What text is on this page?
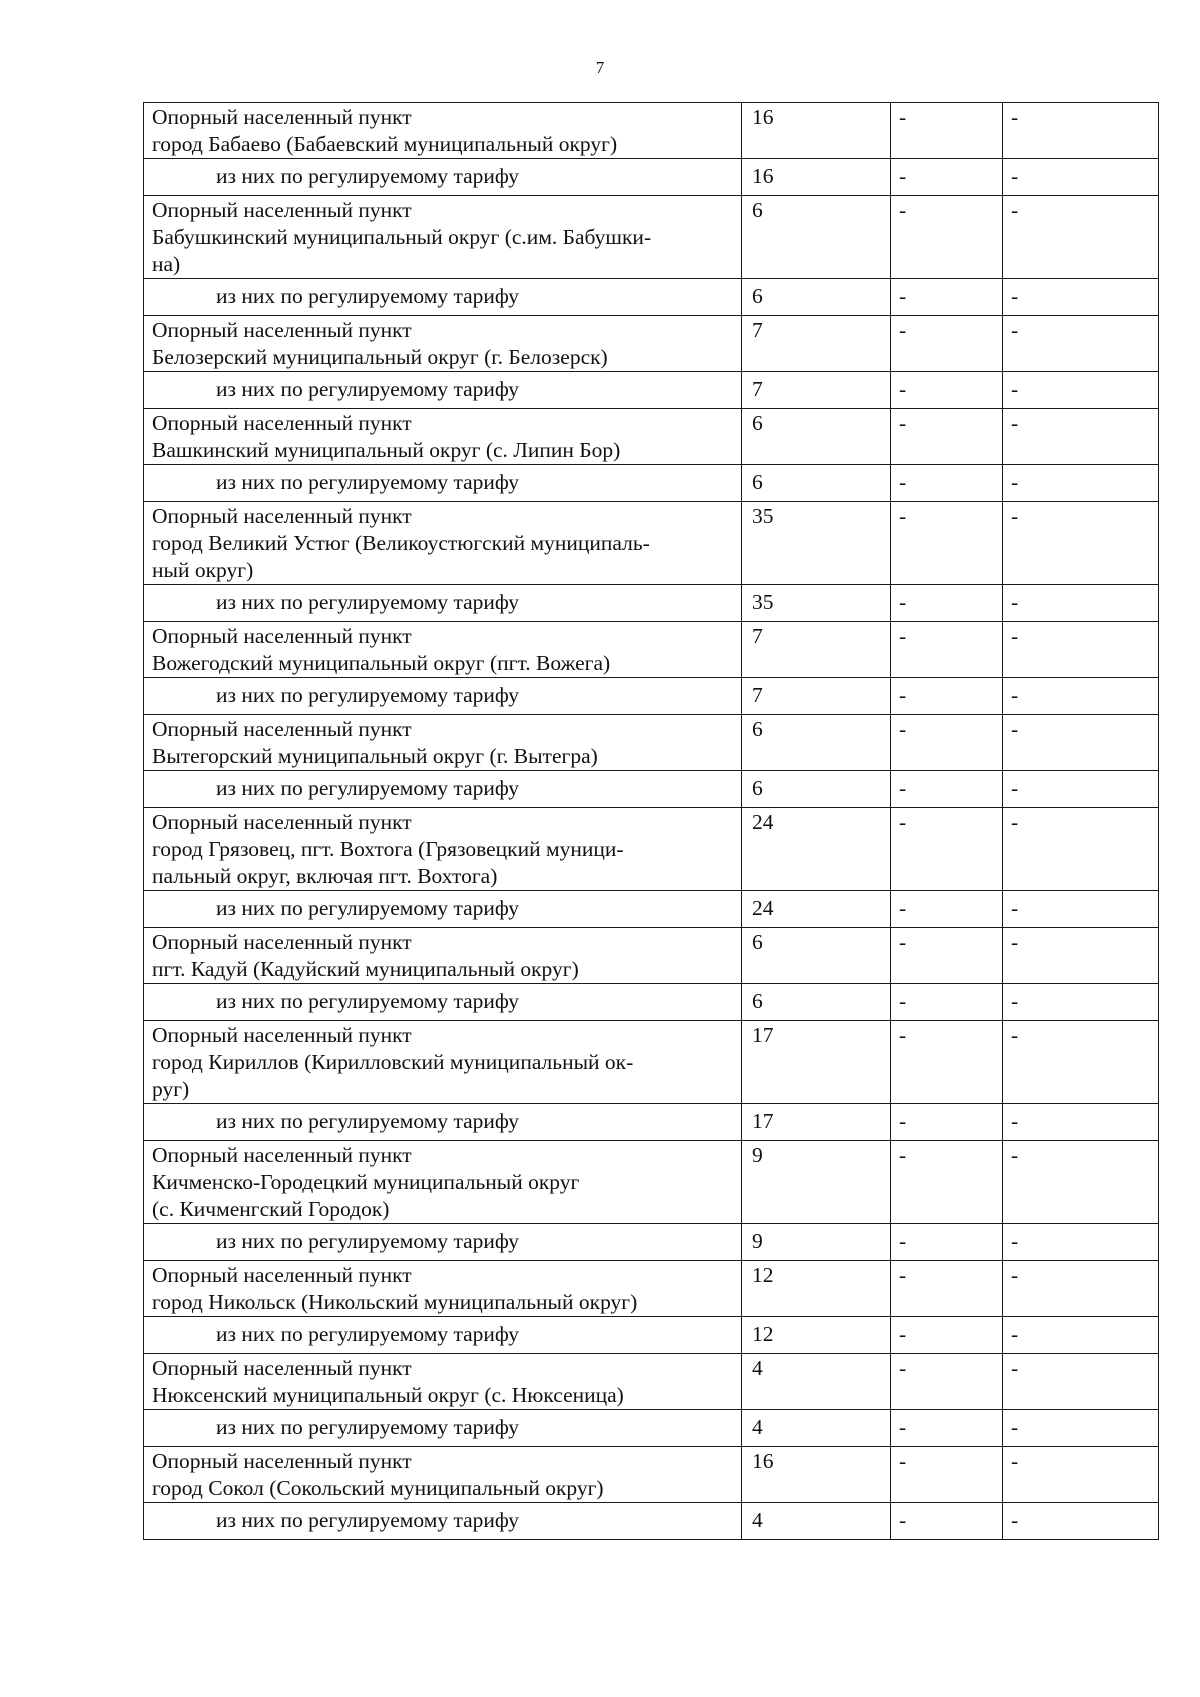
7
Опорный населенный пункт
город Бабаево (Бабаевский муниципальный округ)	16	-	-

из них по регулируемому тарифу	16	-	-

Опорный населенный пункт
Бабушкинский муниципальный округ (с.им. Бабушки-
на)	6	-	-

из них по регулируемому тарифу	6	-	-

Опорный населенный пункт
Белозерский муниципальный округ (г. Белозерск)	7	-	-

из них по регулируемому тарифу	7	-	-

Опорный населенный пункт
Вашкинский муниципальный округ (с. Липин Бор)	6	-	-

из них по регулируемому тарифу	6	-	-

Опорный населенный пункт
город Великий Устюг (Великоустюгский муниципаль-
ный округ)	35	-	-

из них по регулируемому тарифу	35	-	-

Опорный населенный пункт
Вожегодский муниципальный округ (пгт. Вожега)	7	-	-

из них по регулируемому тарифу	7	-	-

Опорный населенный пункт
Вытегорский муниципальный округ (г. Вытегра)	6	-	-

из них по регулируемому тарифу	6	-	-

Опорный населенный пункт
город Грязовец, пгт. Вохтога (Грязовецкий муници-
пальный округ, включая пгт. Вохтога)	24	-	-

из них по регулируемому тарифу	24	-	-

Опорный населенный пункт
пгт. Кадуй (Кадуйский муниципальный округ)	6	-	-

из них по регулируемому тарифу	6	-	-

Опорный населенный пункт
город Кириллов (Кирилловский муниципальный ок-
руг)	17	-	-

из них по регулируемому тарифу	17	-	-

Опорный населенный пункт
Кичменско-Городецкий муниципальный округ
(с. Кичменгский Городок)	9	-	-

из них по регулируемому тарифу	9	-	-

Опорный населенный пункт
город Никольск (Никольский муниципальный округ)	12	-	-

из них по регулируемому тарифу	12	-	-

Опорный населенный пункт
Нюксенский муниципальный округ (с. Нюксеница)	4	-	-

из них по регулируемому тарифу	4	-	-

Опорный населенный пункт
город Сокол (Сокольский муниципальный округ)	16	-	-

из них по регулируемому тарифу	4	-	-
